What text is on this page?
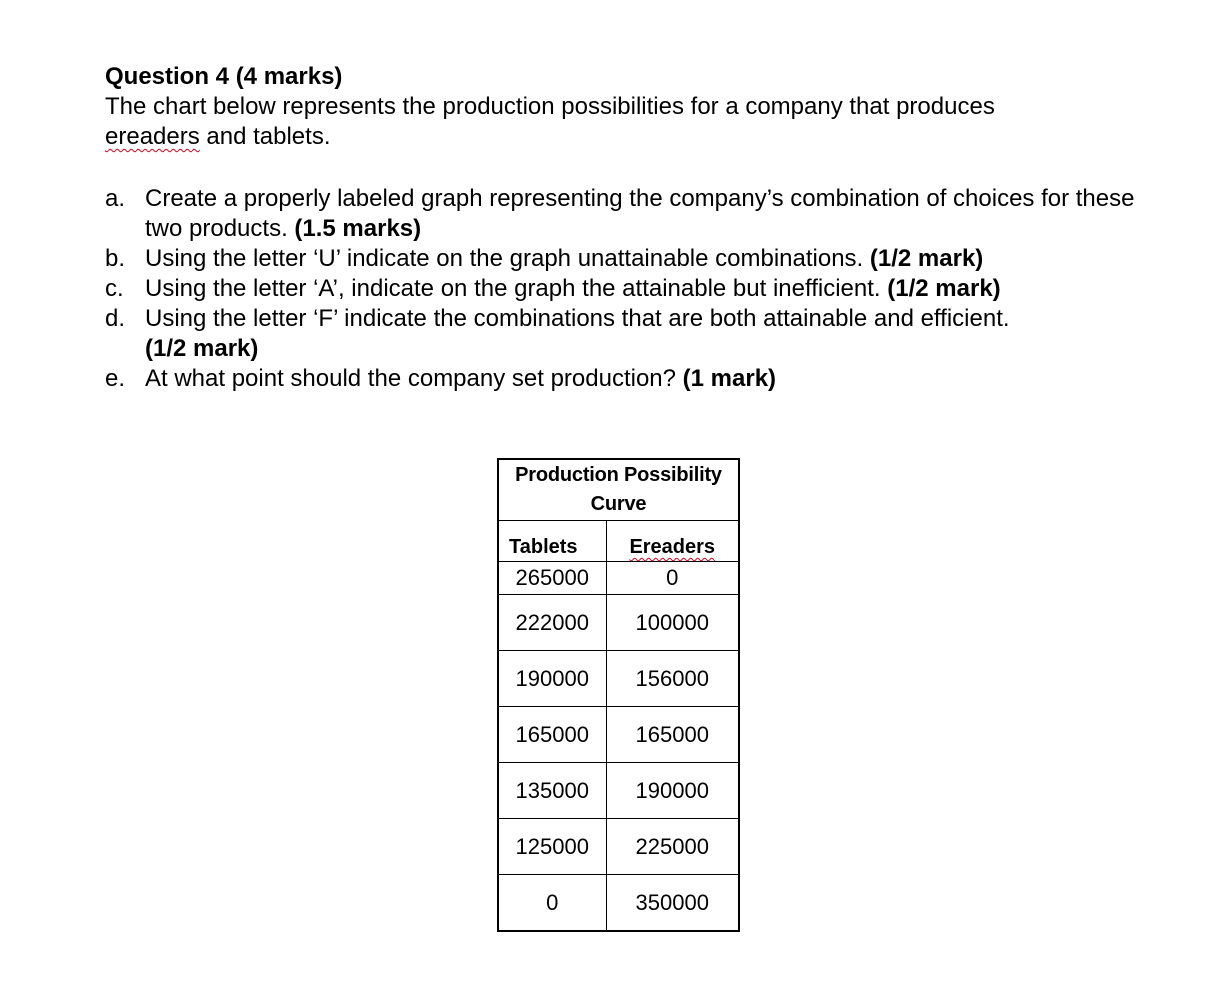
Question 4 (4 marks)

The chart below represents the production possibilities for a company that produces
ereaders and tablets.

a. Create a properly labeled graph representing the company’s combination of choices for these two products. (1.5 marks)
b. Using the letter ‘U’ indicate on the graph unattainable combinations. (1/2 mark)
c. Using the letter ‘A’, indicate on the graph the attainable but inefficient. (1/2 mark)
d. Using the letter ‘F’ indicate the combinations that are both attainable and efficient.
(1/2 mark)
e. At what point should the company set production? (1 mark)
Production Possibility
Curve	
Tablets	Ereaders
265000	0
222000	100000
190000	156000
165000	165000
135000	190000
125000	225000
0	350000
